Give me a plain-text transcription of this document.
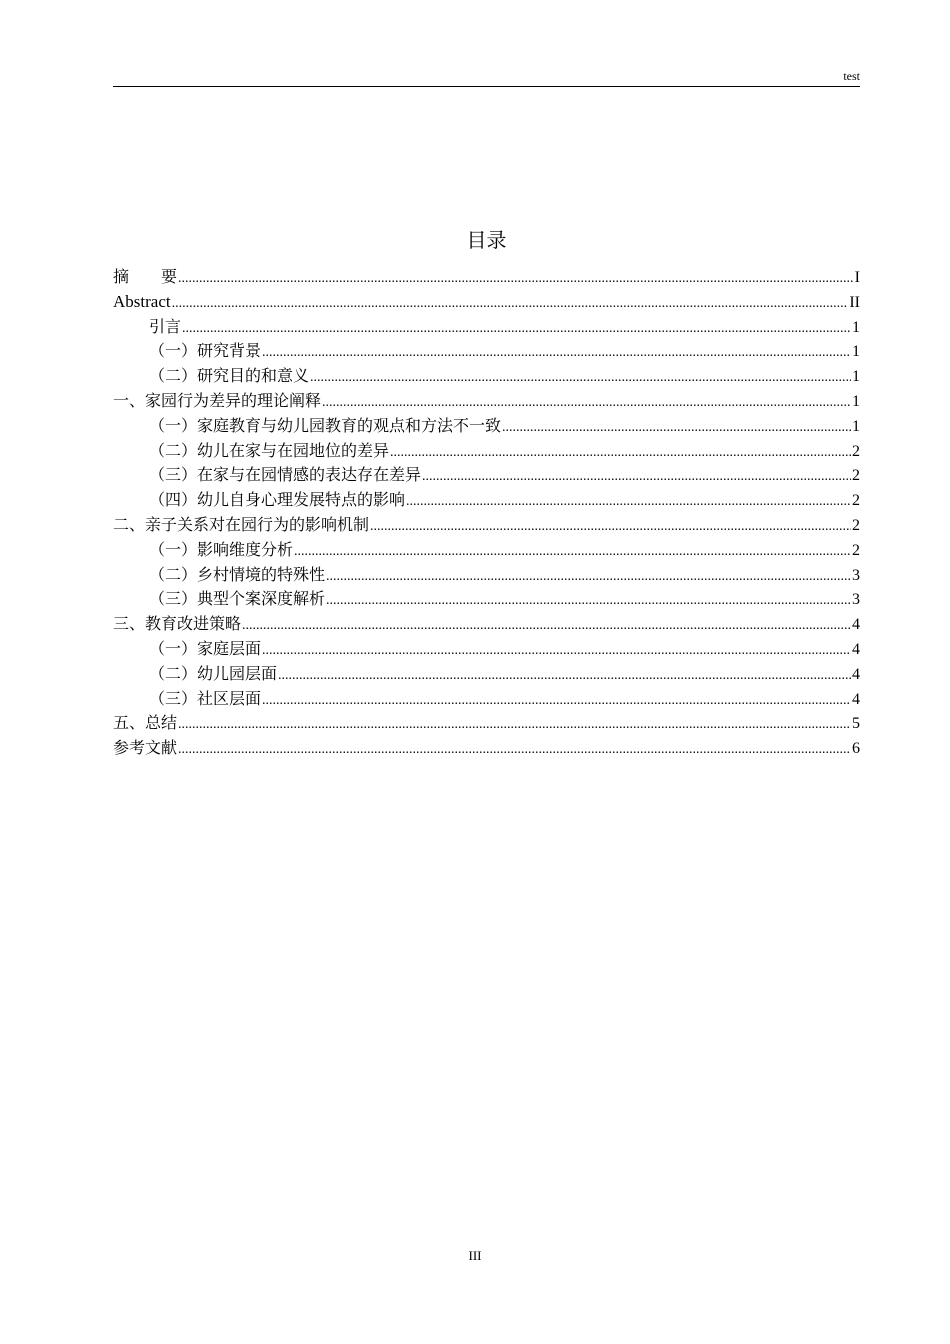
test
目录
摘　　要 .....	I
Abstract .....	II
引言 .....	1
（一）研究背景 .....	1
（二）研究目的和意义 .....	1
一、家园行为差异的理论阐释 .....	1
（一）家庭教育与幼儿园教育的观点和方法不一致 .....	1
（二）幼儿在家与在园地位的差异 .....	2
（三）在家与在园情感的表达存在差异 .....	2
（四）幼儿自身心理发展特点的影响 .....	2
二、亲子关系对在园行为的影响机制 .....	2
（一）影响维度分析 .....	2
（二）乡村情境的特殊性 .....	3
（三）典型个案深度解析 .....	3
三、教育改进策略 .....	4
（一）家庭层面 .....	4
（二）幼儿园层面 .....	4
（三）社区层面 .....	4
五、总结 .....	5
参考文献 .....	6
III
